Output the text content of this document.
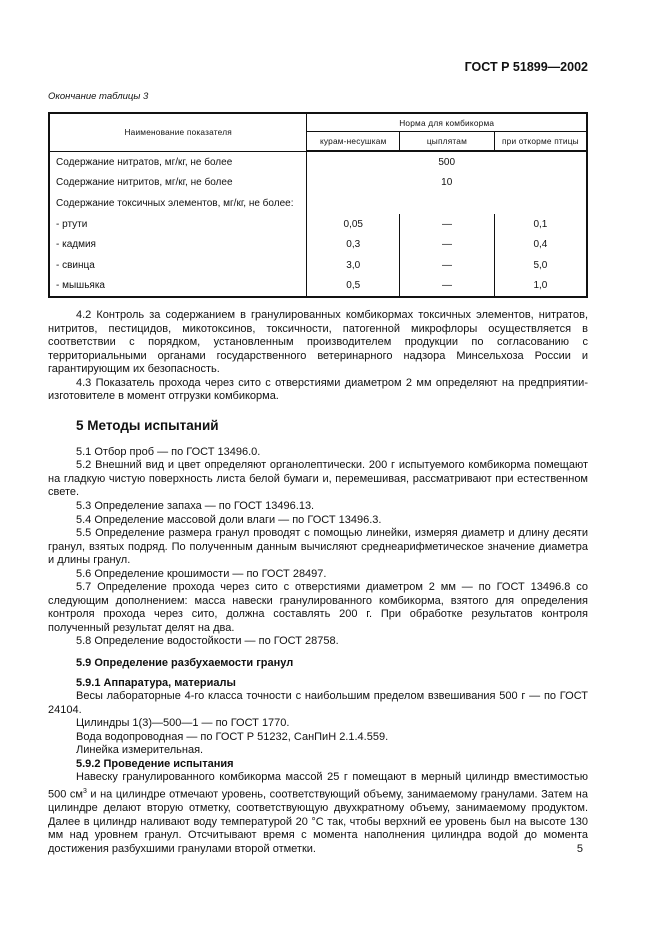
ГОСТ Р 51899—2002
Окончание таблицы 3
Наименование показателя	Норма для комбикорма		
	курам-несушкам	цыплятам	при откорме птицы
Содержание нитратов, мг/кг, не более	500		
Содержание нитритов, мг/кг, не более	10		
Содержание токсичных элементов, мг/кг, не более:			
- ртути	0,05	—	0,1
- кадмия	0,3	—	0,4
- свинца	3,0	—	5,0
- мышьяка	0,5	—	1,0

4.2 Контроль за содержанием в гранулированных комбикормах токсичных элементов, нитратов, нитритов, пестицидов, микотоксинов, токсичности, патогенной микрофлоры осуществляется в соответствии с порядком, установленным производителем продукции по согласованию с территориальными органами государственного ветеринарного надзора Минсельхоза России и гарантирующим их безопасность.

4.3 Показатель прохода через сито с отверстиями диаметром 2 мм определяют на предприятии-изготовителе в момент отгрузки комбикорма.

5 Методы испытаний

5.1 Отбор проб — по ГОСТ 13496.0.

5.2 Внешний вид и цвет определяют органолептически. 200 г испытуемого комбикорма помещают на гладкую чистую поверхность листа белой бумаги и, перемешивая, рассматривают при естественном свете.

5.3 Определение запаха — по ГОСТ 13496.13.

5.4 Определение массовой доли влаги — по ГОСТ 13496.3.

5.5 Определение размера гранул проводят с помощью линейки, измеряя диаметр и длину десяти гранул, взятых подряд. По полученным данным вычисляют среднеарифметическое значение диаметра и длины гранул.

5.6 Определение крошимости — по ГОСТ 28497.

5.7 Определение прохода через сито с отверстиями диаметром 2 мм — по ГОСТ 13496.8 со следующим дополнением: масса навески гранулированного комбикорма, взятого для определения контроля прохода через сито, должна составлять 200 г. При обработке результатов контроля полученный результат делят на два.

5.8 Определение водостойкости — по ГОСТ 28758.

5.9 Определение разбухаемости гранул
5.9.1 Аппаратура, материалы

Весы лабораторные 4-го класса точности с наибольшим пределом взвешивания 500 г — по ГОСТ 24104.

Цилиндры 1(3)—500—1 — по ГОСТ 1770.

Вода водопроводная — по ГОСТ Р 51232, СанПиН 2.1.4.559.

Линейка измерительная.

5.9.2 Проведение испытания

Навеску гранулированного комбикорма массой 25 г помещают в мерный цилиндр вместимостью 500 $см^3$ и на цилиндре отмечают уровень, соответствующий объему, занимаемому гранулами. Затем на цилиндре делают вторую отметку, соответствующую двухкратному объему, занимаемому продуктом. Далее в цилиндр наливают воду температурой 20 °С так, чтобы верхний ее уровень был на высоте 130 мм над уровнем гранул. Отсчитывают время с момента наполнения цилиндра водой до момента достижения разбухшими гранулами второй отметки.	5
